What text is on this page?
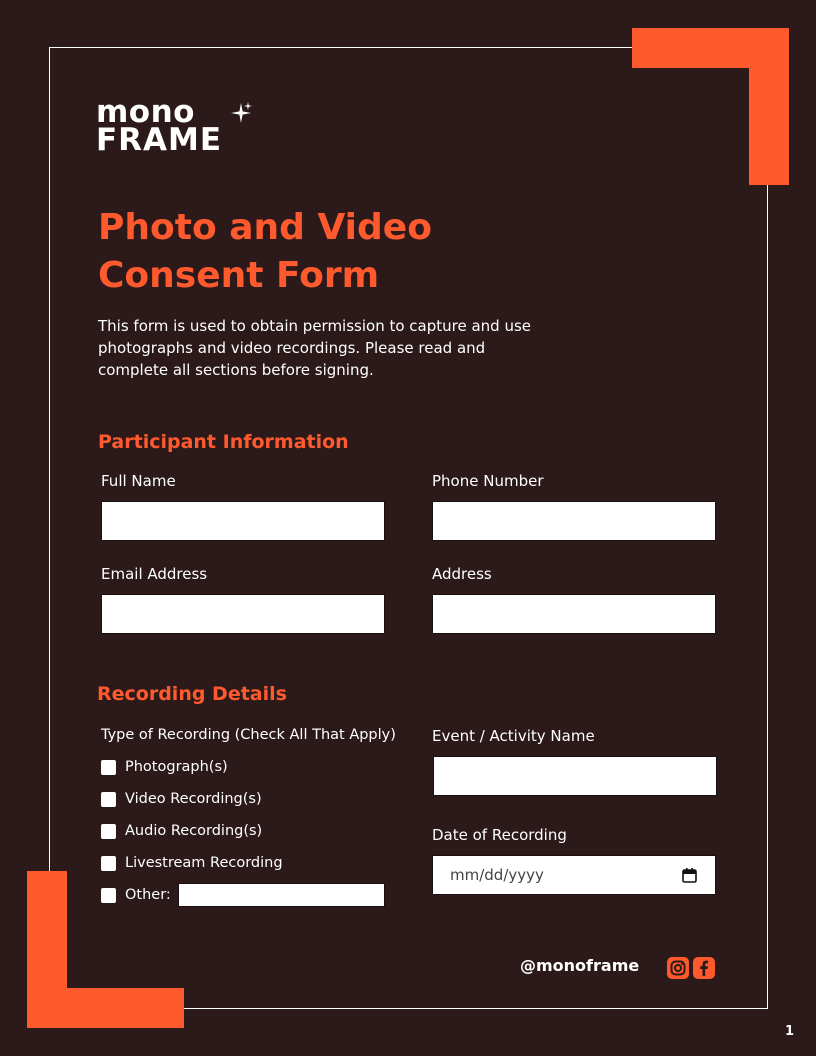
mono
FRAME
Photo and Video
Consent Form
This form is used to obtain permission to capture and use photographs and video recordings. Please read and complete all sections before signing.
Participant Information
Full Name	Phone Number
Email Address	Address
Recording Details
Type of Recording (Check All That Apply)
Photograph(s)
Video Recording(s)
Audio Recording(s)
Livestream Recording
Other:
Event / Activity Name
Date of Recording
mm/dd/yyyy
@monoframe
1
